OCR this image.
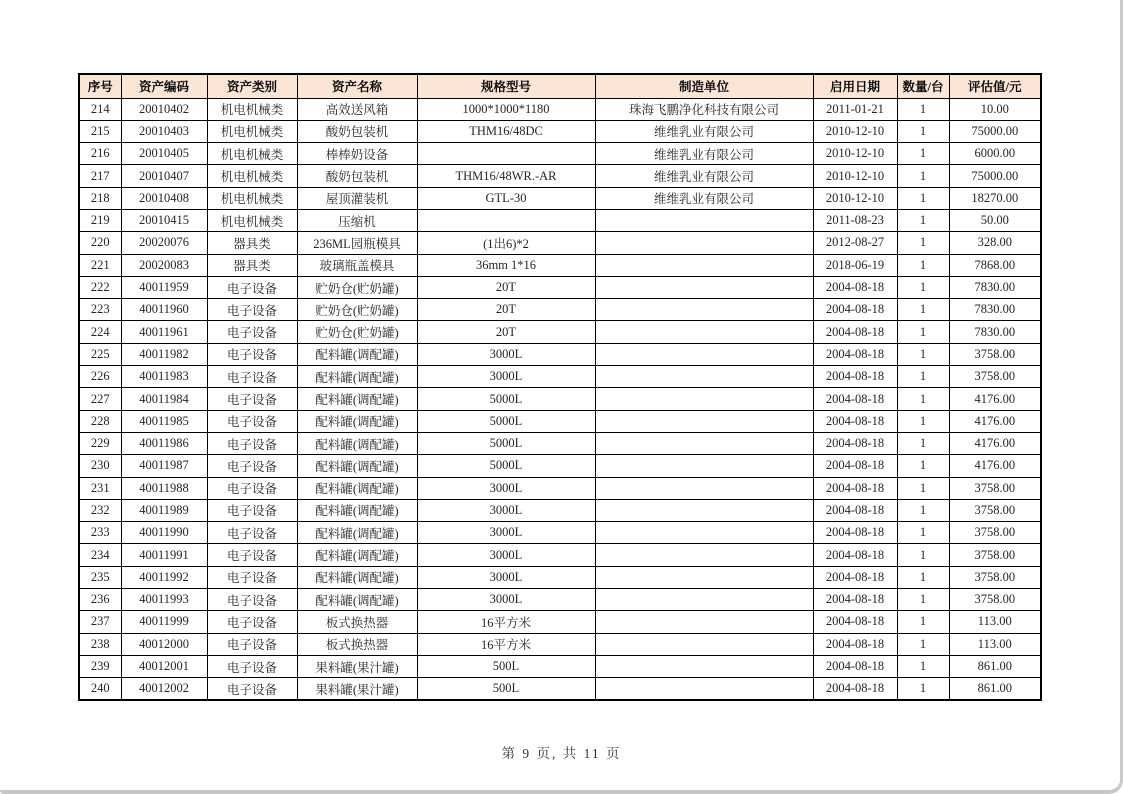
序号	资产编码	资产类别	资产名称	规格型号	制造单位	启用日期	数量/台	评估值/元
214	20010402	机电机械类	高效送风箱	1000*1000*1180	珠海飞鹏净化科技有限公司	2011-01-21	1	10.00
215	20010403	机电机械类	酸奶包装机	THM16/48DC	维维乳业有限公司	2010-12-10	1	75000.00
216	20010405	机电机械类	棒棒奶设备		维维乳业有限公司	2010-12-10	1	6000.00
217	20010407	机电机械类	酸奶包装机	THM16/48WR.-AR	维维乳业有限公司	2010-12-10	1	75000.00
218	20010408	机电机械类	屋顶灌装机	GTL-30	维维乳业有限公司	2010-12-10	1	18270.00
219	20010415	机电机械类	压缩机			2011-08-23	1	50.00
220	20020076	器具类	236ML园瓶模具	(1出6)*2		2012-08-27	1	328.00
221	20020083	器具类	玻璃瓶盖模具	36mm 1*16		2018-06-19	1	7868.00
222	40011959	电子设备	贮奶仓(贮奶罐)	20T		2004-08-18	1	7830.00
223	40011960	电子设备	贮奶仓(贮奶罐)	20T		2004-08-18	1	7830.00
224	40011961	电子设备	贮奶仓(贮奶罐)	20T		2004-08-18	1	7830.00
225	40011982	电子设备	配料罐(调配罐)	3000L		2004-08-18	1	3758.00
226	40011983	电子设备	配料罐(调配罐)	3000L		2004-08-18	1	3758.00
227	40011984	电子设备	配料罐(调配罐)	5000L		2004-08-18	1	4176.00
228	40011985	电子设备	配料罐(调配罐)	5000L		2004-08-18	1	4176.00
229	40011986	电子设备	配料罐(调配罐)	5000L		2004-08-18	1	4176.00
230	40011987	电子设备	配料罐(调配罐)	5000L		2004-08-18	1	4176.00
231	40011988	电子设备	配料罐(调配罐)	3000L		2004-08-18	1	3758.00
232	40011989	电子设备	配料罐(调配罐)	3000L		2004-08-18	1	3758.00
233	40011990	电子设备	配料罐(调配罐)	3000L		2004-08-18	1	3758.00
234	40011991	电子设备	配料罐(调配罐)	3000L		2004-08-18	1	3758.00
235	40011992	电子设备	配料罐(调配罐)	3000L		2004-08-18	1	3758.00
236	40011993	电子设备	配料罐(调配罐)	3000L		2004-08-18	1	3758.00
237	40011999	电子设备	板式换热器	16平方米		2004-08-18	1	113.00
238	40012000	电子设备	板式换热器	16平方米		2004-08-18	1	113.00
239	40012001	电子设备	果料罐(果汁罐)	500L		2004-08-18	1	861.00
240	40012002	电子设备	果料罐(果汁罐)	500L		2004-08-18	1	861.00
第 9 页, 共 11 页
